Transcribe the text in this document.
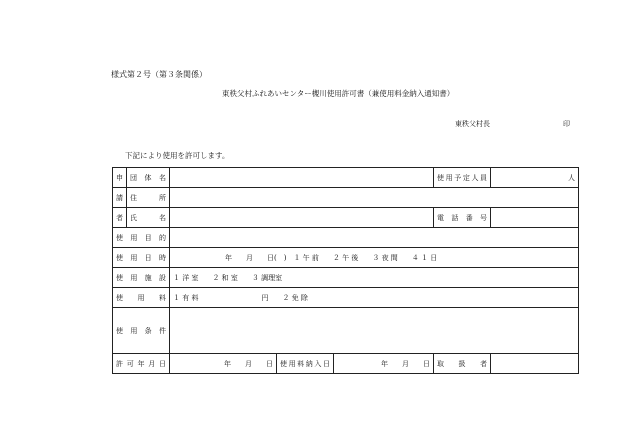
様式第２号（第３条関係）
東秩父村ふれあいセンター槻川使用許可書（兼使用料金納入通知書）
東秩父村長	印
下記により使用を許可します。
申	団 体 名				使用予定人員	人
請	住　　所					
者	氏　　名				電 話 番 号	
使 用 目 的						
使 用 日 時		年　　月　　日(　)　１ 午 前　　２ 午 後　　３ 夜 間　　４ １ 日				
使 用 施 設		１ 洋 室　　２ 和 室　　３ 調理室				
使 用 料		１ 有 料　　　　　　　　　円　　２ 免 除				
使 用 条 件						
許可年月日		年　　月　　日	使用料納入日	年　　月　　日	取 扱 者	
